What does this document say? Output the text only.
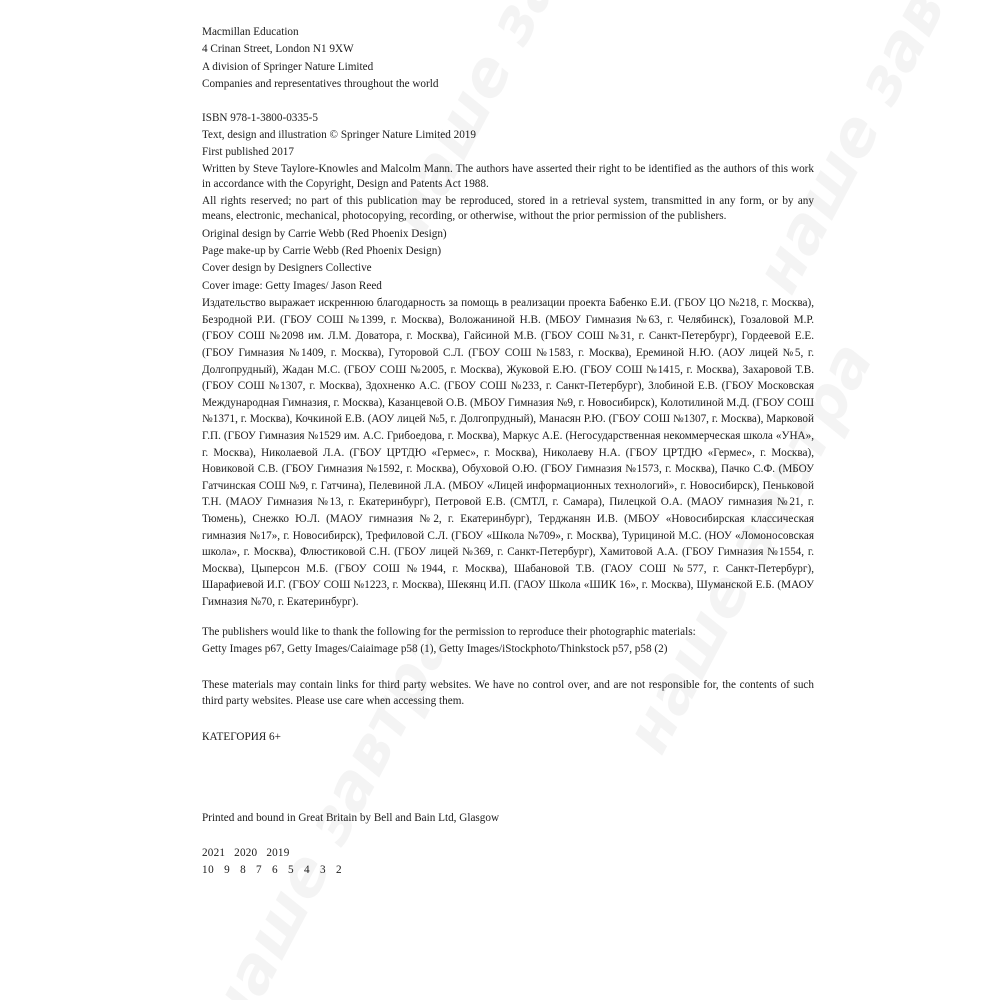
Macmillan Education
4 Crinan Street, London N1 9XW
A division of Springer Nature Limited
Companies and representatives throughout the world
ISBN 978-1-3800-0335-5
Text, design and illustration © Springer Nature Limited 2019
First published 2017

Written by Steve Taylore-Knowles and Malcolm Mann. The authors have asserted their right to be identified as the authors of this work in accordance with the Copyright, Design and Patents Act 1988.

All rights reserved; no part of this publication may be reproduced, stored in a retrieval system, transmitted in any form, or by any means, electronic, mechanical, photocopying, recording, or otherwise, without the prior permission of the publishers.

Original design by Carrie Webb (Red Phoenix Design)
Page make-up by Carrie Webb (Red Phoenix Design)
Cover design by Designers Collective
Cover image: Getty Images/ Jason Reed

Издательство выражает искреннюю благодарность за помощь в реализации проекта Бабенко Е.И. (ГБОУ ЦО №218, г. Москва), Безродной Р.И. (ГБОУ СОШ №1399, г. Москва), Воложаниной Н.В. (МБОУ Гимназия №63, г. Челябинск), Гозаловой М.Р. (ГБОУ СОШ №2098 им. Л.М. Доватора, г. Москва), Гайсиной М.В. (ГБОУ СОШ №31, г. Санкт-Петербург), Гордеевой Е.Е. (ГБОУ Гимназия №1409, г. Москва), Гуторовой С.Л. (ГБОУ СОШ №1583, г. Москва), Ереминой Н.Ю. (АОУ лицей №5, г. Долгопрудный), Жадан М.С. (ГБОУ СОШ №2005, г. Москва), Жуковой Е.Ю. (ГБОУ СОШ №1415, г. Москва), Захаровой Т.В. (ГБОУ СОШ №1307, г. Москва), Здохненко А.С. (ГБОУ СОШ №233, г. Санкт-Петербург), Злобиной Е.В. (ГБОУ Московская Международная Гимназия, г. Москва), Казанцевой О.В. (МБОУ Гимназия №9, г. Новосибирск), Колотилиной М.Д. (ГБОУ СОШ №1371, г. Москва), Кочкиной Е.В. (АОУ лицей №5, г. Долгопрудный), Манасян Р.Ю. (ГБОУ СОШ №1307, г. Москва), Марковой Г.П. (ГБОУ Гимназия №1529 им. А.С. Грибоедова, г. Москва), Маркус А.Е. (Негосударственная некоммерческая школа «УНА», г. Москва), Николаевой Л.А. (ГБОУ ЦРТДЮ «Гермес», г. Москва), Николаеву Н.А. (ГБОУ ЦРТДЮ «Гермес», г. Москва), Новиковой С.В. (ГБОУ Гимназия №1592, г. Москва), Обуховой О.Ю. (ГБОУ Гимназия №1573, г. Москва), Пачко С.Ф. (МБОУ Гатчинская СОШ №9, г. Гатчина), Пелевиной Л.А. (МБОУ «Лицей информационных технологий», г. Новосибирск), Пеньковой Т.Н. (МАОУ Гимназия №13, г. Екатеринбург), Петровой Е.В. (СМТЛ, г. Самара), Пилецкой О.А. (МАОУ гимназия №21, г. Тюмень), Снежко Ю.Л. (МАОУ гимназия №2, г. Екатеринбург), Терджанян И.В. (МБОУ «Новосибирская классическая гимназия №17», г. Новосибирск), Трефиловой С.Л. (ГБОУ «Школа №709», г. Москва), Турициной М.С. (НОУ «Ломоносовская школа», г. Москва), Флюстиковой С.Н. (ГБОУ лицей №369, г. Санкт-Петербург), Хамитовой А.А. (ГБОУ Гимназия №1554, г. Москва), Цыперсон М.Б. (ГБОУ СОШ №1944, г. Москва), Шабановой Т.В. (ГАОУ СОШ №577, г. Санкт-Петербург), Шарафиевой И.Г. (ГБОУ СОШ №1223, г. Москва), Шекянц И.П. (ГАОУ Школа «ШИК 16», г. Москва), Шуманской Е.Б. (МАОУ Гимназия №70, г. Екатеринбург).

The publishers would like to thank the following for the permission to reproduce their photographic materials:
Getty Images p67, Getty Images/Caiaimage p58 (1), Getty Images/iStockphoto/Thinkstock p57, p58 (2)

These materials may contain links for third party websites. We have no control over, and are not responsible for, the contents of such third party websites. Please use care when accessing them.

КАТЕГОРИЯ 6+
Printed and bound in Great Britain by Bell and Bain Ltd, Glasgow
2021   2020   2019
10   9   8   7   6   5   4   3   2
